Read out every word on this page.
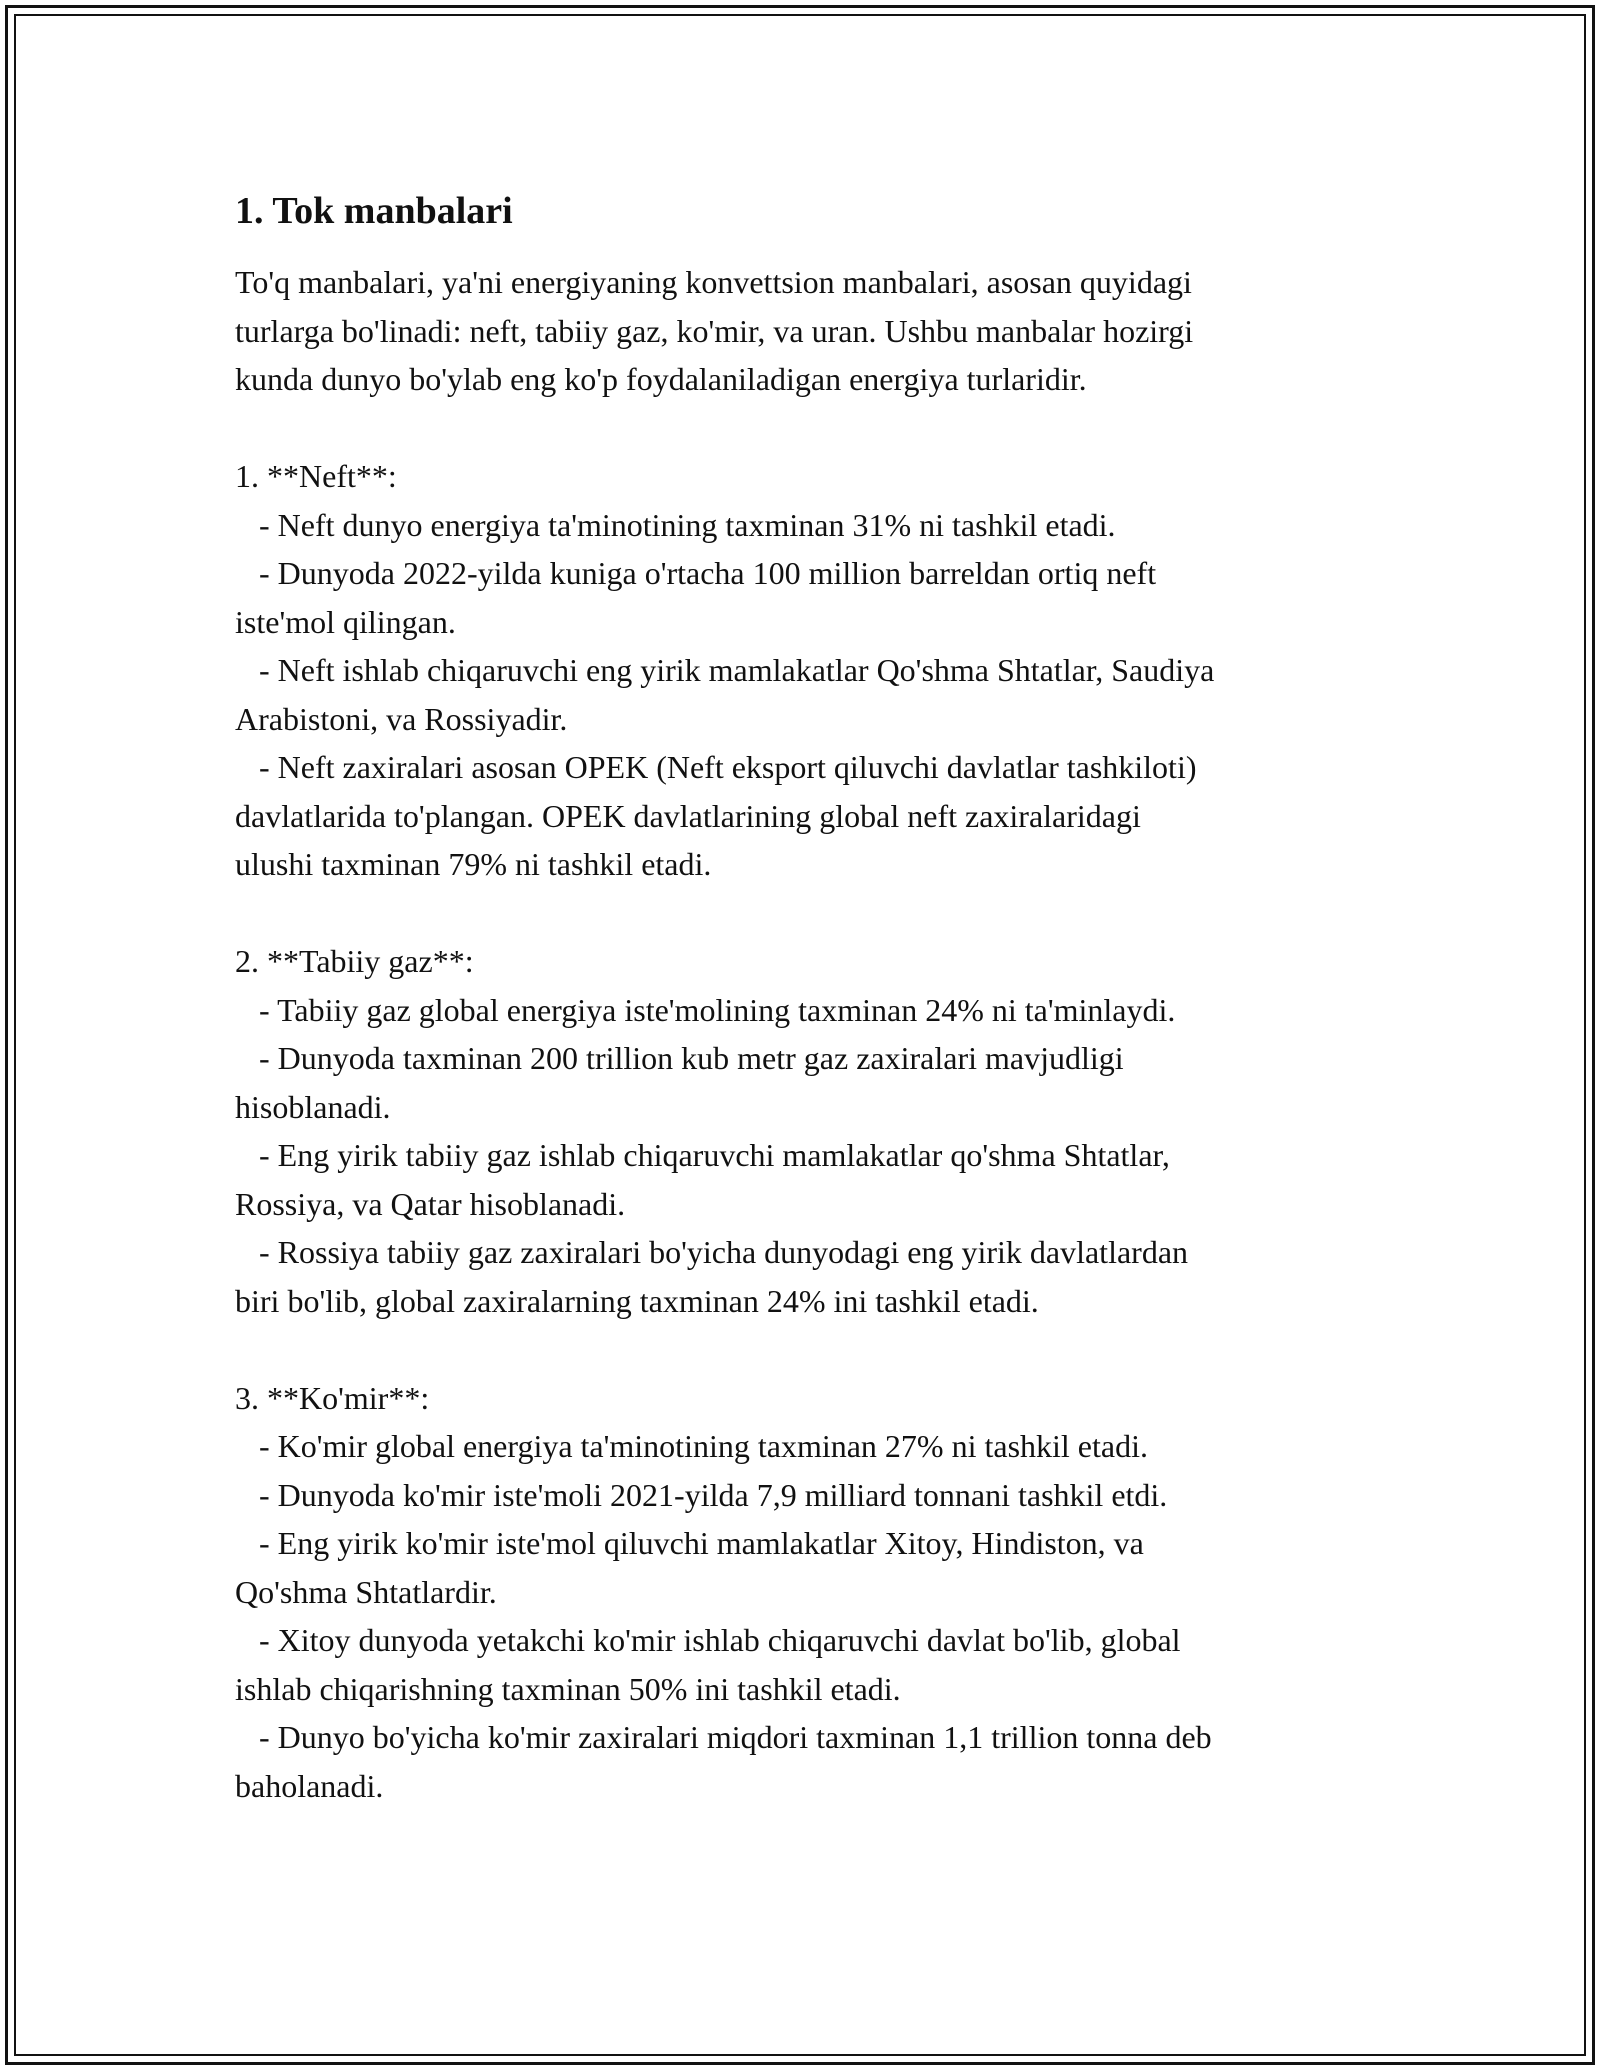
1. Tok manbalari

To'q manbalari, ya'ni energiyaning konvettsion manbalari, asosan quyidagi

turlarga bo'linadi: neft, tabiiy gaz, ko'mir, va uran. Ushbu manbalar hozirgi

kunda dunyo bo'ylab eng ko'p foydalaniladigan energiya turlaridir.

1. **Neft**:

- Neft dunyo energiya ta'minotining taxminan 31% ni tashkil etadi.

- Dunyoda 2022-yilda kuniga o'rtacha 100 million barreldan ortiq neft

iste'mol qilingan.

- Neft ishlab chiqaruvchi eng yirik mamlakatlar Qo'shma Shtatlar, Saudiya

Arabistoni, va Rossiyadir.

- Neft zaxiralari asosan OPEK (Neft eksport qiluvchi davlatlar tashkiloti)

davlatlarida to'plangan. OPEK davlatlarining global neft zaxiralaridagi

ulushi taxminan 79% ni tashkil etadi.

2. **Tabiiy gaz**:

- Tabiiy gaz global energiya iste'molining taxminan 24% ni ta'minlaydi.

- Dunyoda taxminan 200 trillion kub metr gaz zaxiralari mavjudligi

hisoblanadi.

- Eng yirik tabiiy gaz ishlab chiqaruvchi mamlakatlar qo'shma Shtatlar,

Rossiya, va Qatar hisoblanadi.

- Rossiya tabiiy gaz zaxiralari bo'yicha dunyodagi eng yirik davlatlardan

biri bo'lib, global zaxiralarning taxminan 24% ini tashkil etadi.

3. **Ko'mir**:

- Ko'mir global energiya ta'minotining taxminan 27% ni tashkil etadi.

- Dunyoda ko'mir iste'moli 2021-yilda 7,9 milliard tonnani tashkil etdi.

- Eng yirik ko'mir iste'mol qiluvchi mamlakatlar Xitoy, Hindiston, va

Qo'shma Shtatlardir.

- Xitoy dunyoda yetakchi ko'mir ishlab chiqaruvchi davlat bo'lib, global

ishlab chiqarishning taxminan 50% ini tashkil etadi.

- Dunyo bo'yicha ko'mir zaxiralari miqdori taxminan 1,1 trillion tonna deb

baholanadi.
